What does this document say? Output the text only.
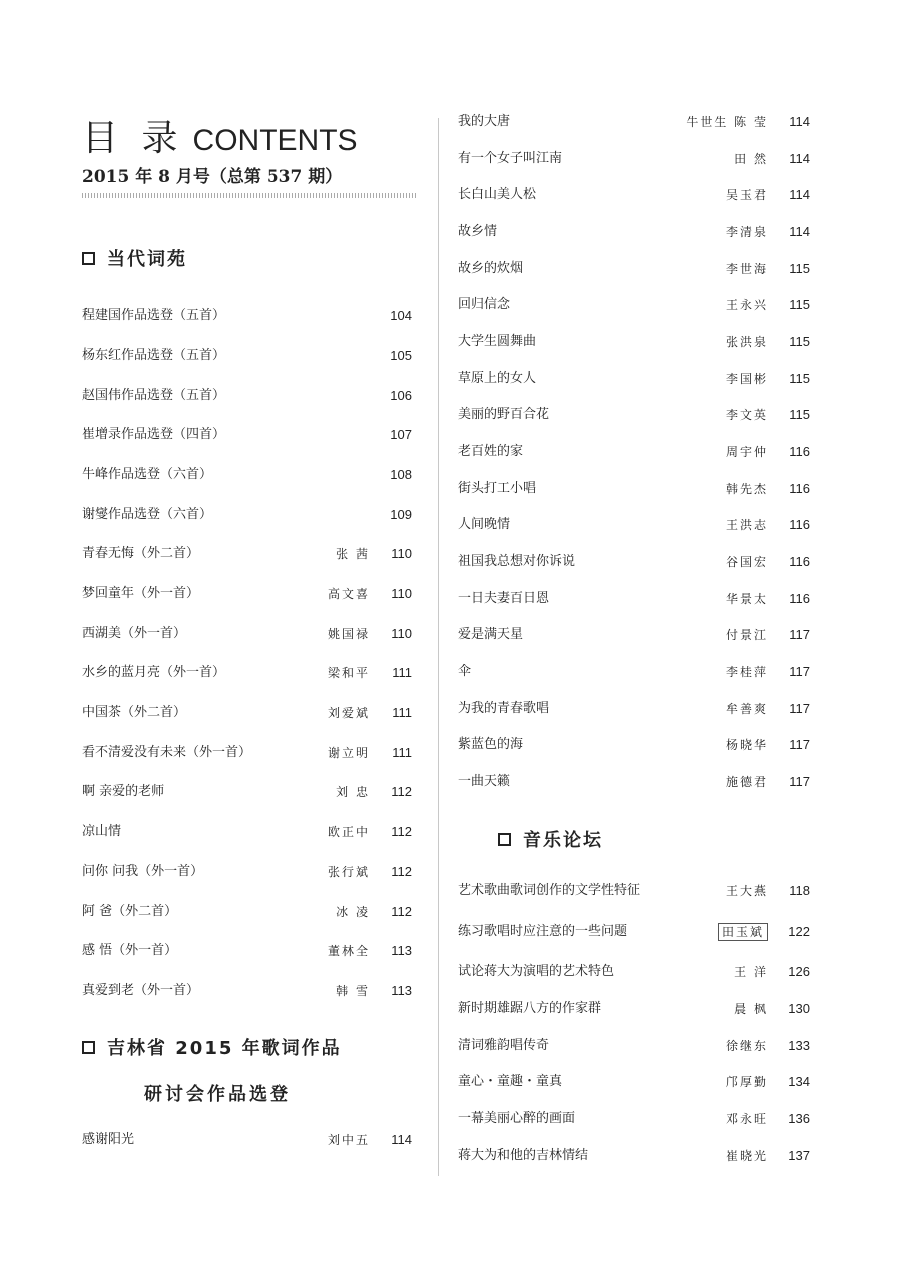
目 录 CONTENTS
2015 年 8 月号（总第 537 期）
当代词苑
程建国作品选登（五首）	104
杨东红作品选登（五首）	105
赵国伟作品选登（五首）	106
崔增录作品选登（四首）	107
牛峰作品选登（六首）	108
谢燮作品选登（六首）	109
青春无悔（外二首）	张 茜	110
梦回童年（外一首）	高文喜	110
西湖美（外一首）	姚国禄	110
水乡的蓝月亮（外一首）	梁和平	111
中国茶（外二首）	刘爱斌	111
看不清爱没有未来（外一首）	谢立明	111
啊 亲爱的老师	刘 忠	112
凉山情	欧正中	112
问你 问我（外一首）	张行斌	112
阿 爸（外二首）	冰 凌	112
感 悟（外一首）	董林全	113
真爱到老（外一首）	韩 雪	113
吉林省 2015 年歌词作品
研讨会作品选登
感谢阳光	刘中五	114
我的大唐	牛世生 陈 莹	114
有一个女子叫江南	田 然	114
长白山美人松	吴玉君	114
故乡情	李清泉	114
故乡的炊烟	李世海	115
回归信念	王永兴	115
大学生圆舞曲	张洪泉	115
草原上的女人	李国彬	115
美丽的野百合花	李文英	115
老百姓的家	周宇仲	116
街头打工小唱	韩先杰	116
人间晚情	王洪志	116
祖国我总想对你诉说	谷国宏	116
一日夫妻百日恩	华景太	116
爱是满天星	付景江	117
伞	李桂萍	117
为我的青春歌唱	牟善爽	117
紫蓝色的海	杨晓华	117
一曲天籁	施德君	117
音乐论坛
艺术歌曲歌词创作的文学性特征	王大燕	118
练习歌唱时应注意的一些问题	田玉斌	122
试论蒋大为演唱的艺术特色	王 洋	126
新时期雄踞八方的作家群	晨 枫	130
清词雅韵唱传奇	徐继东	133
童心・童趣・童真	邝厚勤	134
一幕美丽心醉的画面	邓永旺	136
蒋大为和他的吉林情结	崔晓光	137
